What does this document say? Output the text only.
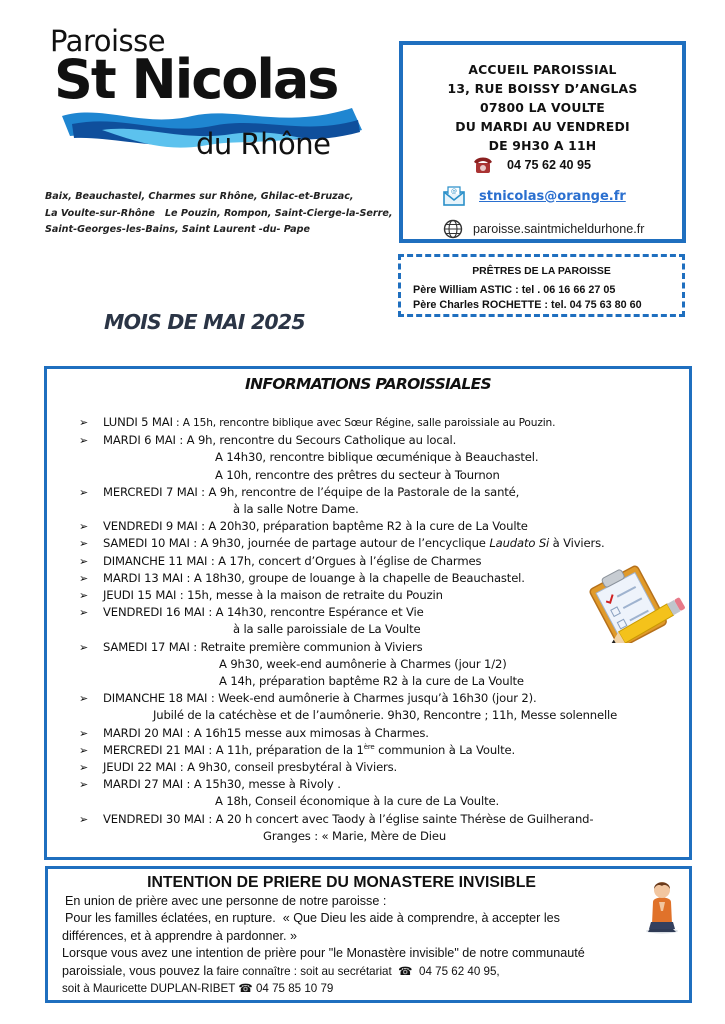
Paroisse
St Nicolas
du Rhône
Baix, Beauchastel, Charmes sur Rhône, Ghilac-et-Bruzac,
La Voulte-sur-Rhône   Le Pouzin, Rompon, Saint-Cierge-la-Serre,
Saint-Georges-les-Bains, Saint Laurent -du- Pape
ACCUEIL PAROISSIAL
13, RUE BOISSY D’ANGLAS
07800 LA VOULTE
DU MARDI AU VENDREDI
DE 9H30 A 11H
04 75 62 40 95
@ stnicolas@orange.fr
paroisse.saintmicheldurhone.fr
PRÊTRES DE LA PAROISSE
Père William ASTIC : tel . 06 16 66 27 05
Père Charles ROCHETTE : tel. 04 75 63 80 60
MOIS DE MAI 2025
INFORMATIONS PAROISSIALES
➢ LUNDI 5 MAI : A 15h, rencontre biblique avec Sœur Régine, salle paroissiale au Pouzin.
➢ MARDI 6 MAI : A 9h, rencontre du Secours Catholique au local.
A 14h30, rencontre biblique œcuménique à Beauchastel.
A 10h, rencontre des prêtres du secteur à Tournon
➢ MERCREDI 7 MAI : A 9h, rencontre de l’équipe de la Pastorale de la santé,
à la salle Notre Dame.
➢ VENDREDI 9 MAI : A 20h30, préparation baptême R2 à la cure de La Voulte
➢ SAMEDI 10 MAI : A 9h30, journée de partage autour de l’encyclique Laudato Si à Viviers.
➢ DIMANCHE 11 MAI : A 17h, concert d’Orgues à l’église de Charmes
➢ MARDI 13 MAI : A 18h30, groupe de louange à la chapelle de Beauchastel.
➢ JEUDI 15 MAI : 15h, messe à la maison de retraite du Pouzin
➢ VENDREDI 16 MAI : A 14h30, rencontre Espérance et Vie
à la salle paroissiale de La Voulte
➢ SAMEDI 17 MAI : Retraite première communion à Viviers
A 9h30, week-end aumônerie à Charmes (jour 1/2)
A 14h, préparation baptême R2 à la cure de La Voulte
➢ DIMANCHE 18 MAI : Week-end aumônerie à Charmes jusqu’à 16h30 (jour 2).
Jubilé de la catéchèse et de l’aumônerie. 9h30, Rencontre ; 11h, Messe solennelle
➢ MARDI 20 MAI : A 16h15 messe aux mimosas à Charmes.
➢ MERCREDI 21 MAI : A 11h, préparation de la 1ère communion à La Voulte.
➢ JEUDI 22 MAI : A 9h30, conseil presbytéral à Viviers.
➢ MARDI 27 MAI : A 15h30, messe à Rivoly .
A 18h, Conseil économique à la cure de La Voulte.
➢ VENDREDI 30 MAI : A 20 h concert avec Taody à l’église sainte Thérèse de Guilherand-
Granges : « Marie, Mère de Dieu
INTENTION DE PRIERE DU MONASTERE INVISIBLE
En union de prière avec une personne de notre paroisse :
Pour les familles éclatées, en rupture.  « Que Dieu les aide à comprendre, à accepter les
différences, et à apprendre à pardonner. »
Lorsque vous avez une intention de prière pour "le Monastère invisible" de notre communauté
paroissiale, vous pouvez la faire connaître : soit au secrétariat  ☎  04 75 62 40 95,
soit à Mauricette DUPLAN-RIBET ☎ 04 75 85 10 79
